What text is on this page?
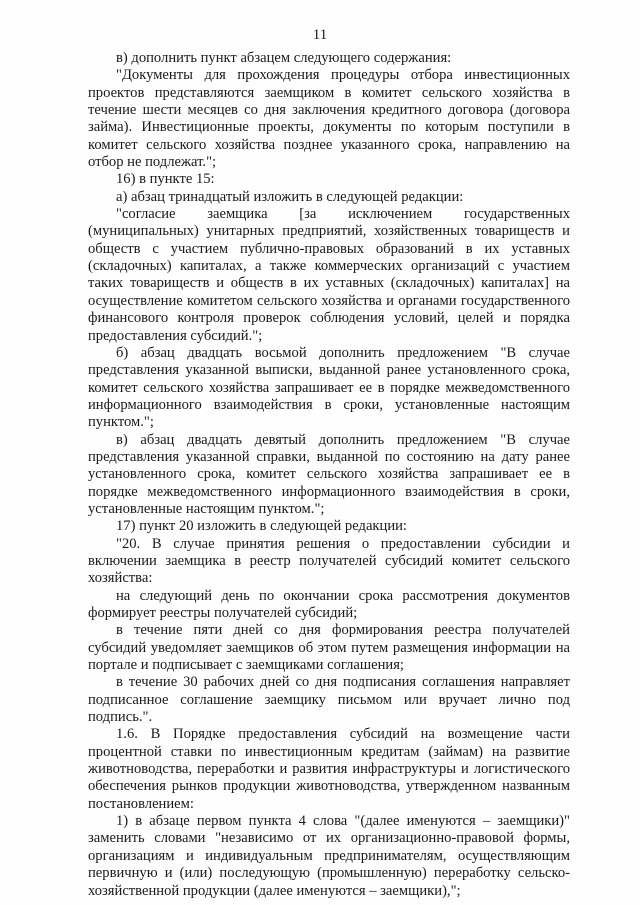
11

в) дополнить пункт абзацем следующего содержания:

"Документы для прохождения процедуры отбора инвестиционных проектов представляются заемщиком в комитет сельского хозяйства в течение шести месяцев со дня заключения кредитного договора (договора займа). Инвестиционные проекты, документы по которым поступили в комитет сельского хозяйства позднее указанного срока, направлению на отбор не подлежат.";

16) в пункте 15:

а) абзац тринадцатый изложить в следующей редакции:

"согласие заемщика [за исключением государственных (муниципальных) унитарных предприятий, хозяйственных товариществ и обществ с участием публично-правовых образований в их уставных (складочных) капиталах, а также коммерческих организаций с участием таких товариществ и обществ в их уставных (складочных) капиталах] на осуществление комитетом сельского хозяйства и органами государственного финансового контроля проверок соблюдения условий, целей и порядка предоставления субсидий.";

б) абзац двадцать восьмой дополнить предложением "В случае представления указанной выписки, выданной ранее установленного срока, комитет сельского хозяйства запрашивает ее в порядке межведомственного информационного взаимодействия в сроки, установленные настоящим пунктом.";

в) абзац двадцать девятый дополнить предложением "В случае представления указанной справки, выданной по состоянию на дату ранее установленного срока, комитет сельского хозяйства запрашивает ее в порядке межведомственного информационного взаимодействия в сроки, установленные настоящим пунктом.";

17) пункт 20 изложить в следующей редакции:

"20. В случае принятия решения о предоставлении субсидии и включении заемщика в реестр получателей субсидий комитет сельского хозяйства:

на следующий день по окончании срока рассмотрения документов формирует реестры получателей субсидий;

в течение пяти дней со дня формирования реестра получателей субсидий уведомляет заемщиков об этом путем размещения информации на портале и подписывает с заемщиками соглашения;

в течение 30 рабочих дней со дня подписания соглашения направляет подписанное соглашение заемщику письмом или вручает лично под подпись.".

1.6. В Порядке предоставления субсидий на возмещение части процентной ставки по инвестиционным кредитам (займам) на развитие животноводства, переработки и развития инфраструктуры и логистического обеспечения рынков продукции животноводства, утвержденном названным постановлением:

1) в абзаце первом пункта 4 слова "(далее именуются – заемщики)" заменить словами "независимо от их организационно-правовой формы, организациям и индивидуальным предпринимателям, осуществляющим первичную и (или) последующую (промышленную) переработку сельскохозяйственной продукции (далее именуются – заемщики),";
